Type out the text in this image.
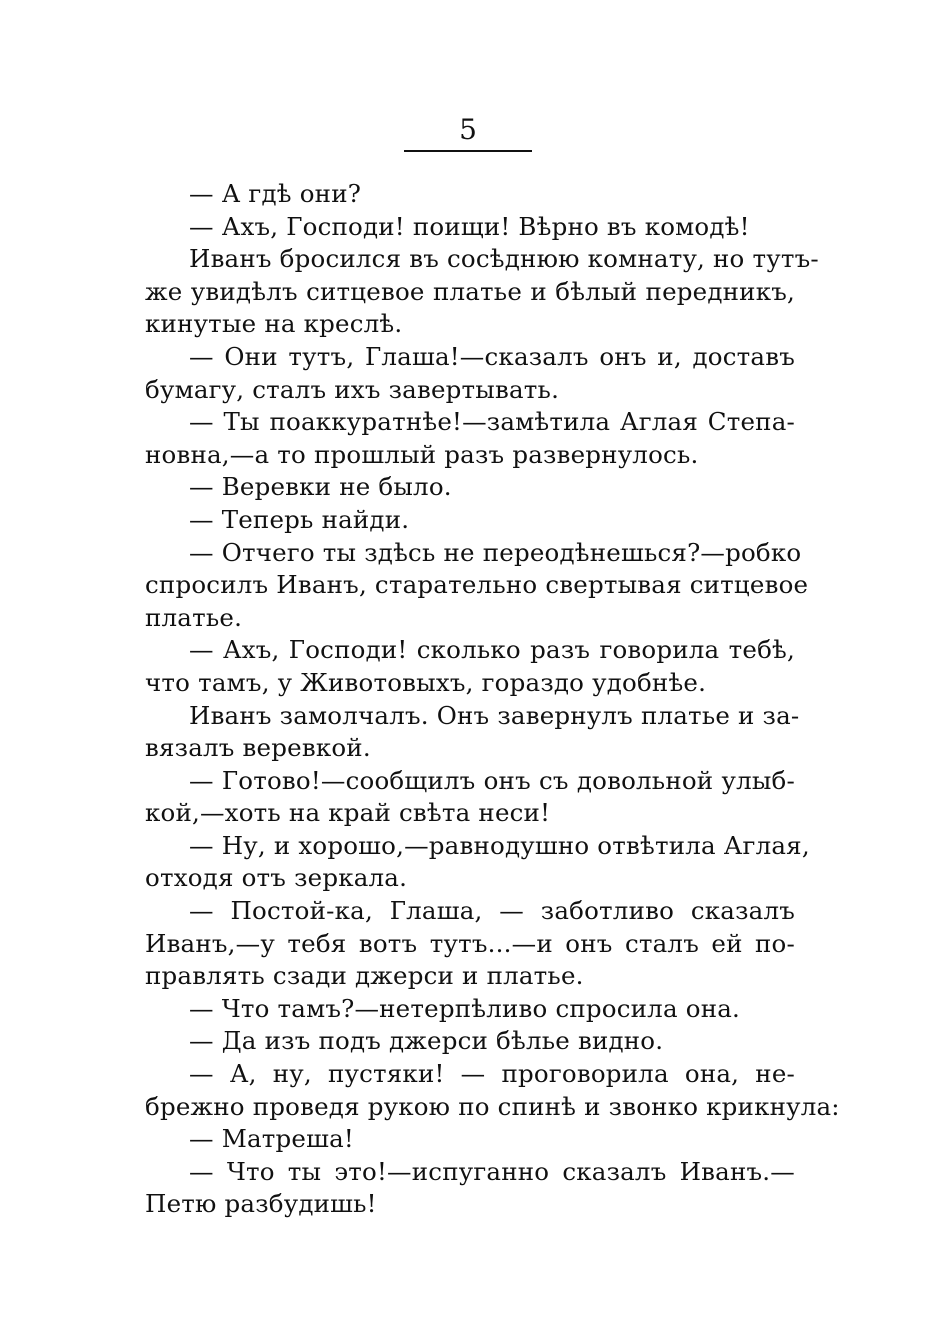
5
— А гдѣ они?
— Ахъ, Господи! поищи! Вѣрно въ комодѣ!
Иванъ бросился въ сосѣднюю комнату, но тутъ-
же увидѣлъ ситцевое платье и бѣлый передникъ,
кинутые на креслѣ.
— Они тутъ, Глаша!—сказалъ онъ и, доставъ
бумагу, сталъ ихъ завертывать.
— Ты поаккуратнѣе!—замѣтила Аглая Степа-
новна,—а то прошлый разъ развернулось.
— Веревки не было.
— Теперь найди.
— Отчего ты здѣсь не переодѣнешься?—робко
спросилъ Иванъ, старательно свертывая ситцевое
платье.
— Ахъ, Господи! сколько разъ говорила тебѣ,
что тамъ, у Животовыхъ, гораздо удобнѣе.
Иванъ замолчалъ. Онъ завернулъ платье и за-
вязалъ веревкой.
— Готово!—сообщилъ онъ съ довольной улыб-
кой,—хоть на край свѣта неси!
— Ну, и хорошо,—равнодушно отвѣтила Аглая,
отходя отъ зеркала.
— Постой-ка, Глаша, — заботливо сказалъ
Иванъ,—у тебя вотъ тутъ...—и онъ сталъ ей по-
правлять сзади джерси и платье.
— Что тамъ?—нетерпѣливо спросила она.
— Да изъ подъ джерси бѣлье видно.
— А, ну, пустяки! — проговорила она, не-
брежно проведя рукою по спинѣ и звонко крикнула:
— Матреша!
— Что ты это!—испуганно сказалъ Иванъ.—
Петю разбудишь!
